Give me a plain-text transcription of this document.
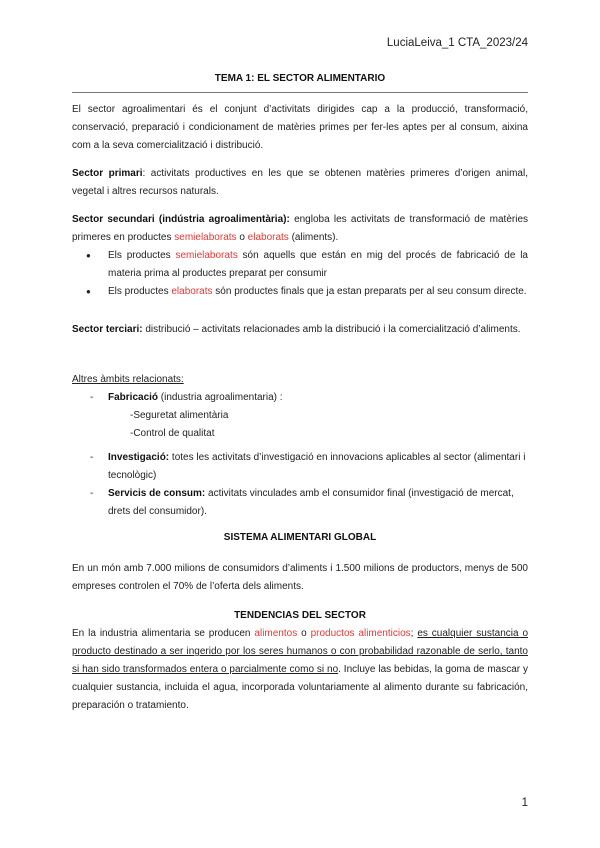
LuciaLeiva_1 CTA_2023/24
TEMA 1: EL SECTOR ALIMENTARIO
El sector agroalimentari és el conjunt d’activitats dirigides cap a la producció, transformació, conservació, preparació i condicionament de matèries primes per fer-les aptes per al consum, aixina com a la seva comercialització i distribució.
Sector primari: activitats productives en les que se obtenen matèries primeres d’origen animal, vegetal i altres recursos naturals.
Sector secundari (indústria agroalimentària): engloba les activitats de transformació de matèries primeres en productes semielaborats o elaborats (aliments).
● Els productes semielaborats són aquells que están en mig del procés de fabricació de la materia prima al productes preparat per consumir
● Els productes elaborats són productes finals que ja estan preparats per al seu consum directe.
Sector terciari: distribució – activitats relacionades amb la distribució i la comercialització d’aliments.
Altres àmbits relacionats:
- Fabricació (industria agroalimentaria) :
-Seguretat alimentària
-Control de qualitat
- Investigació: totes les activitats d’investigació en innovacions aplicables al sector (alimentari i tecnològic)
- Servicis de consum: activitats vinculades amb el consumidor final (investigació de mercat, drets del consumidor).
SISTEMA ALIMENTARI GLOBAL
En un món amb 7.000 milions de consumidors d’aliments i 1.500 milions de productors, menys de 500 empreses controlen el 70% de l’oferta dels aliments.
TENDENCIAS DEL SECTOR
En la industria alimentaria se producen alimentos o productos alimenticios; es cualquier sustancia o producto destinado a ser ingerido por los seres humanos o con probabilidad razonable de serlo, tanto si han sido transformados entera o parcialmente como si no. Incluye las bebidas, la goma de mascar y cualquier sustancia, incluida el agua, incorporada voluntariamente al alimento durante su fabricación, preparación o tratamiento.
1
